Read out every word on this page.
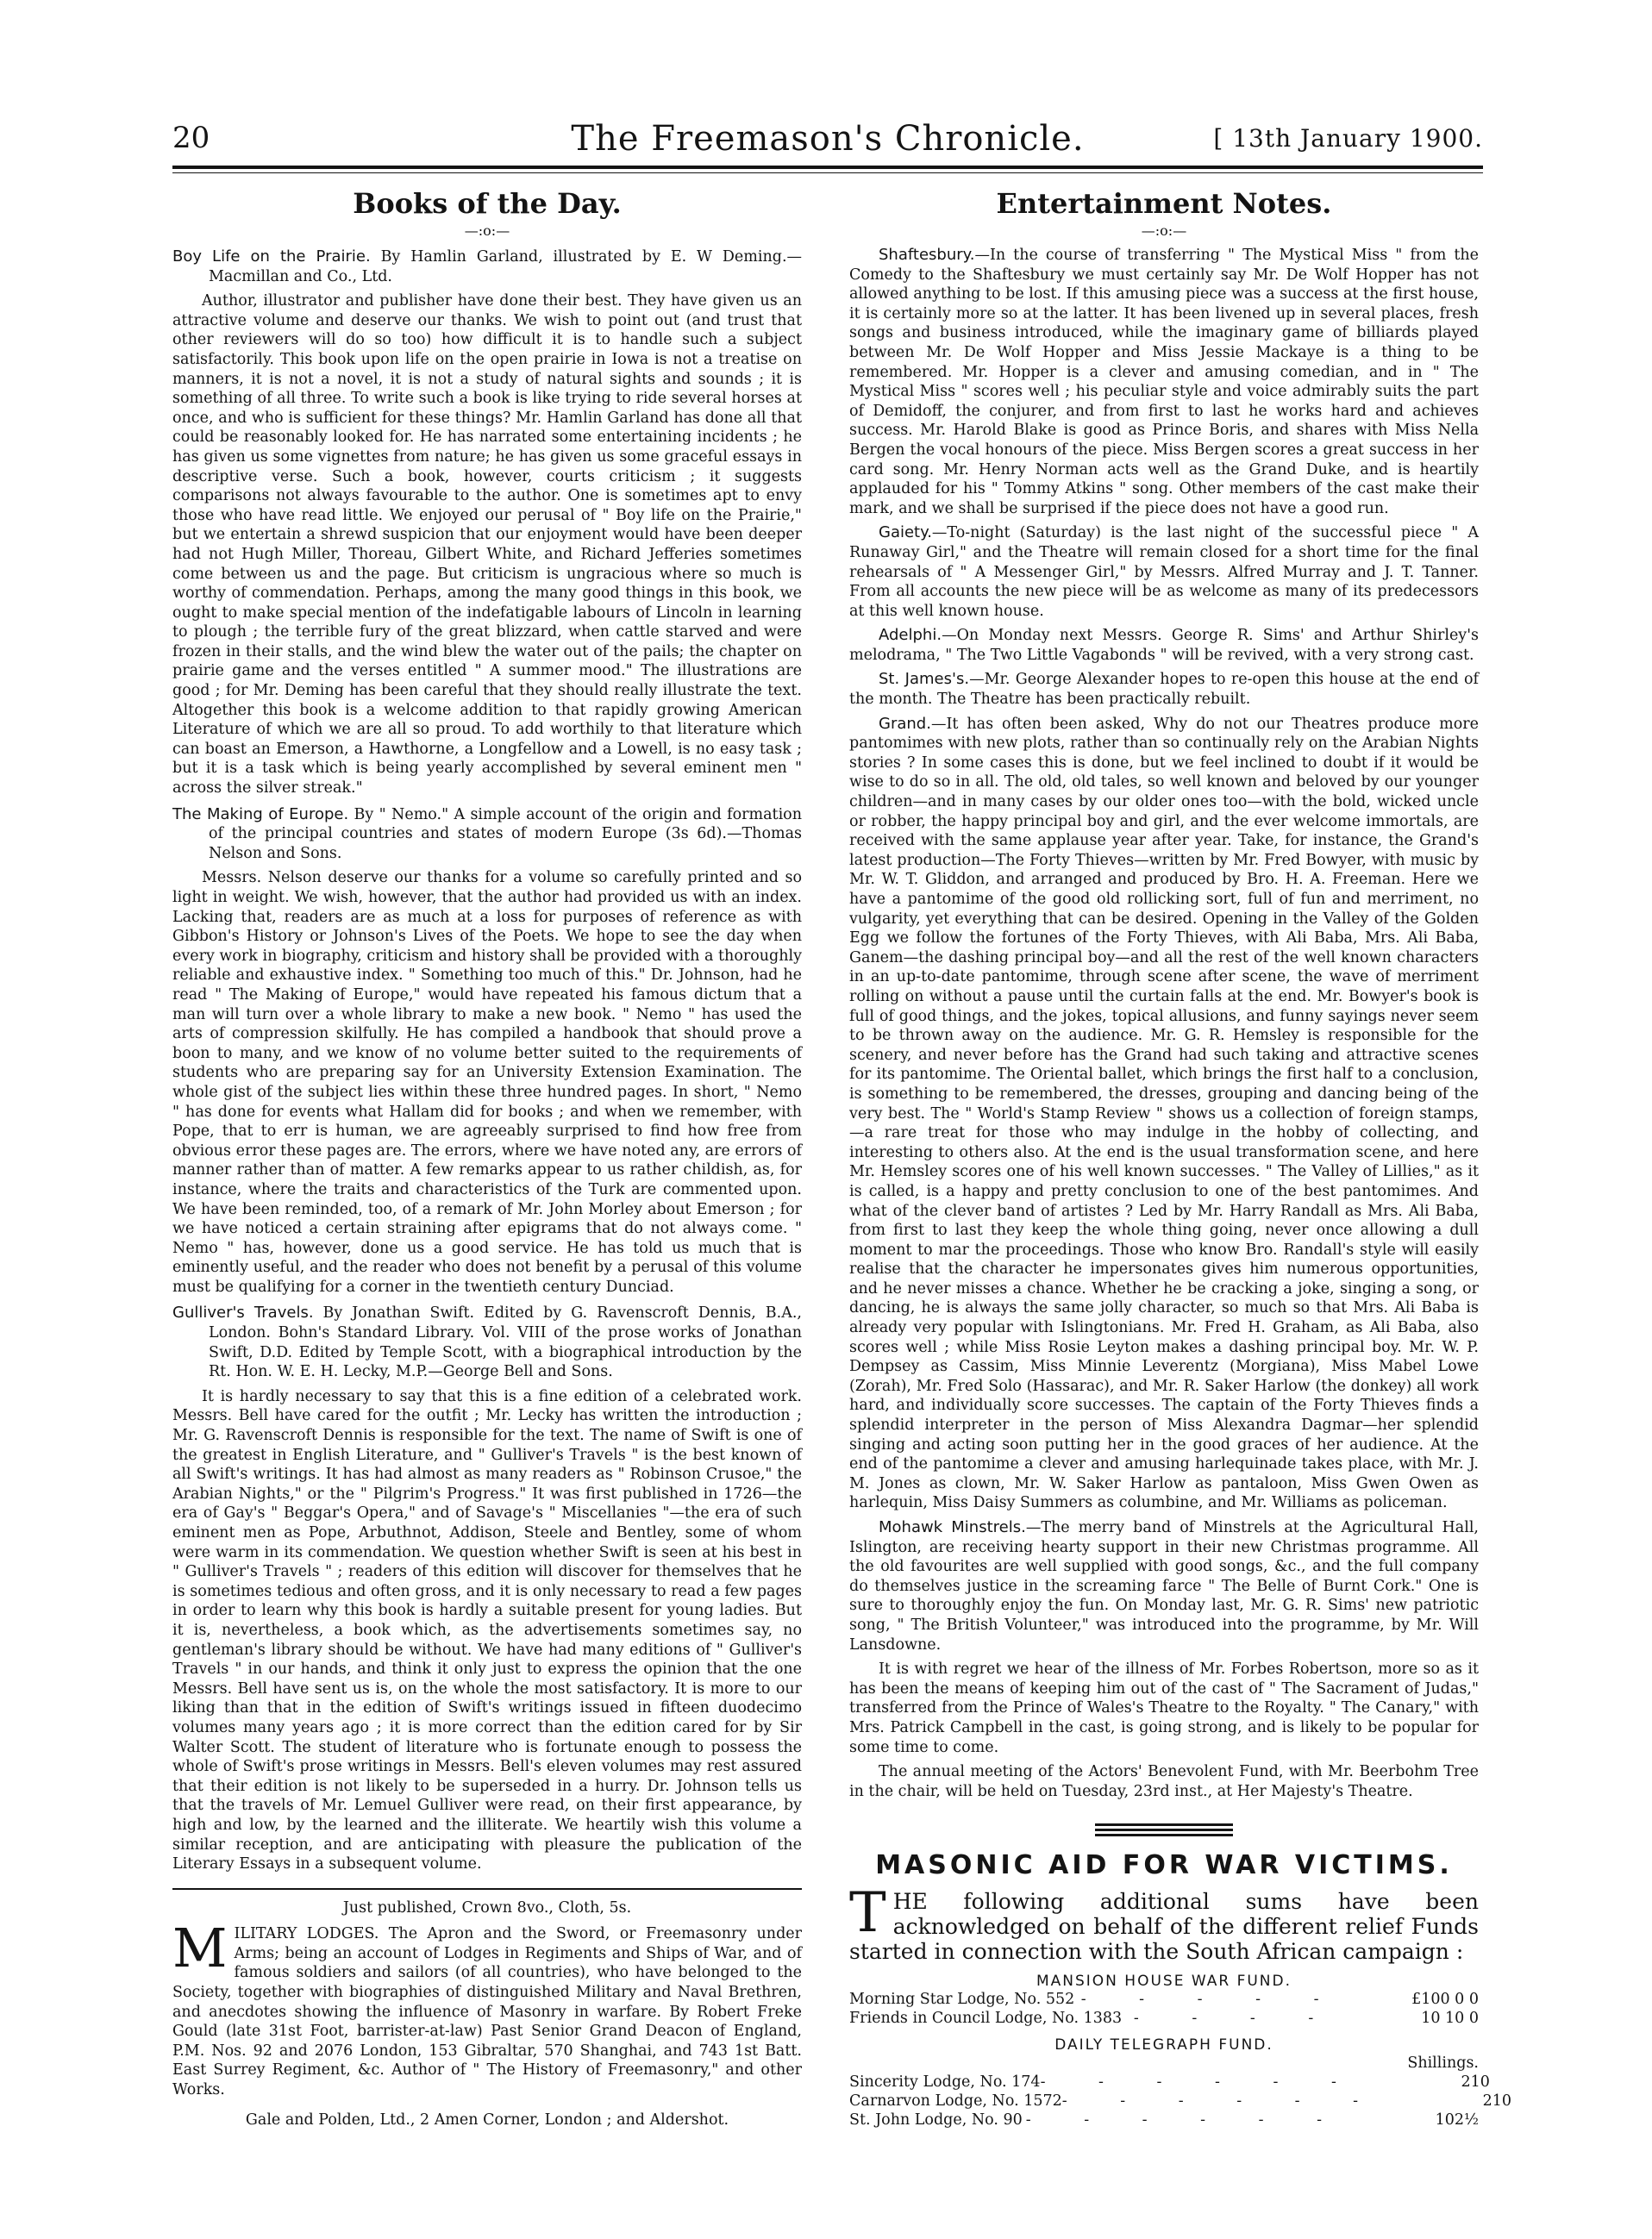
20	The Freemason's Chronicle.	[ 13th January 1900.
Books of the Day.
—:o:—

Boy Life on the Prairie. By Hamlin Garland, illustrated by E. W Deming.—Macmillan and Co., Ltd.

Author, illustrator and publisher have done their best. They have given us an attractive volume and deserve our thanks. We wish to point out (and trust that other reviewers will do so too) how difficult it is to handle such a subject satisfactorily. This book upon life on the open prairie in Iowa is not a treatise on manners, it is not a novel, it is not a study of natural sights and sounds ; it is something of all three. To write such a book is like trying to ride several horses at once, and who is sufficient for these things? Mr. Hamlin Garland has done all that could be reasonably looked for. He has narrated some entertaining incidents ; he has given us some vignettes from nature; he has given us some graceful essays in descriptive verse. Such a book, however, courts criticism ; it suggests comparisons not always favourable to the author. One is sometimes apt to envy those who have read little. We enjoyed our perusal of " Boy life on the Prairie," but we entertain a shrewd suspicion that our enjoyment would have been deeper had not Hugh Miller, Thoreau, Gilbert White, and Richard Jefferies sometimes come between us and the page. But criticism is ungracious where so much is worthy of commendation. Perhaps, among the many good things in this book, we ought to make special mention of the indefatigable labours of Lincoln in learning to plough ; the terrible fury of the great blizzard, when cattle starved and were frozen in their stalls, and the wind blew the water out of the pails; the chapter on prairie game and the verses entitled " A summer mood." The illustrations are good ; for Mr. Deming has been careful that they should really illustrate the text. Altogether this book is a welcome addition to that rapidly growing American Literature of which we are all so proud. To add worthily to that literature which can boast an Emerson, a Hawthorne, a Longfellow and a Lowell, is no easy task ; but it is a task which is being yearly accomplished by several eminent men " across the silver streak."

The Making of Europe. By " Nemo." A simple account of the origin and formation of the principal countries and states of modern Europe (3s 6d).—Thomas Nelson and Sons.

Messrs. Nelson deserve our thanks for a volume so carefully printed and so light in weight. We wish, however, that the author had provided us with an index. Lacking that, readers are as much at a loss for purposes of reference as with Gibbon's History or Johnson's Lives of the Poets. We hope to see the day when every work in biography, criticism and history shall be provided with a thoroughly reliable and exhaustive index. " Something too much of this." Dr. Johnson, had he read " The Making of Europe," would have repeated his famous dictum that a man will turn over a whole library to make a new book. " Nemo " has used the arts of compression skilfully. He has compiled a handbook that should prove a boon to many, and we know of no volume better suited to the requirements of students who are preparing say for an University Extension Examination. The whole gist of the subject lies within these three hundred pages. In short, " Nemo " has done for events what Hallam did for books ; and when we remember, with Pope, that to err is human, we are agreeably surprised to find how free from obvious error these pages are. The errors, where we have noted any, are errors of manner rather than of matter. A few remarks appear to us rather childish, as, for instance, where the traits and characteristics of the Turk are commented upon. We have been reminded, too, of a remark of Mr. John Morley about Emerson ; for we have noticed a certain straining after epigrams that do not always come. " Nemo " has, however, done us a good service. He has told us much that is eminently useful, and the reader who does not benefit by a perusal of this volume must be qualifying for a corner in the twentieth century Dunciad.

Gulliver's Travels. By Jonathan Swift. Edited by G. Ravenscroft Dennis, B.A., London. Bohn's Standard Library. Vol. VIII of the prose works of Jonathan Swift, D.D. Edited by Temple Scott, with a biographical introduction by the Rt. Hon. W. E. H. Lecky, M.P.—George Bell and Sons.

It is hardly necessary to say that this is a fine edition of a celebrated work. Messrs. Bell have cared for the outfit ; Mr. Lecky has written the introduction ; Mr. G. Ravenscroft Dennis is responsible for the text. The name of Swift is one of the greatest in English Literature, and " Gulliver's Travels " is the best known of all Swift's writings. It has had almost as many readers as " Robinson Crusoe," the Arabian Nights," or the " Pilgrim's Progress." It was first published in 1726—the era of Gay's " Beggar's Opera," and of Savage's " Miscellanies "—the era of such eminent men as Pope, Arbuthnot, Addison, Steele and Bentley, some of whom were warm in its commendation. We question whether Swift is seen at his best in " Gulliver's Travels " ; readers of this edition will discover for themselves that he is sometimes tedious and often gross, and it is only necessary to read a few pages in order to learn why this book is hardly a suitable present for young ladies. But it is, nevertheless, a book which, as the advertisements sometimes say, no gentleman's library should be without. We have had many editions of " Gulliver's Travels " in our hands, and think it only just to express the opinion that the one Messrs. Bell have sent us is, on the whole the most satisfactory. It is more to our liking than that in the edition of Swift's writings issued in fifteen duodecimo volumes many years ago ; it is more correct than the edition cared for by Sir Walter Scott. The student of literature who is fortunate enough to possess the whole of Swift's prose writings in Messrs. Bell's eleven volumes may rest assured that their edition is not likely to be superseded in a hurry. Dr. Johnson tells us that the travels of Mr. Lemuel Gulliver were read, on their first appearance, by high and low, by the learned and the illiterate. We heartily wish this volume a similar reception, and are anticipating with pleasure the publication of the Literary Essays in a subsequent volume.

Just published, Crown 8vo., Cloth, 5s.

MILITARY LODGES. The Apron and the Sword, or Freemasonry under Arms; being an account of Lodges in Regiments and Ships of War, and of famous soldiers and sailors (of all countries), who have belonged to the Society, together with biographies of distinguished Military and Naval Brethren, and anecdotes showing the influence of Masonry in warfare. By Robert Freke Gould (late 31st Foot, barrister-at-law) Past Senior Grand Deacon of England, P.M. Nos. 92 and 2076 London, 153 Gibraltar, 570 Shanghai, and 743 1st Batt. East Surrey Regiment, &c. Author of " The History of Freemasonry," and other Works.

Gale and Polden, Ltd., 2 Amen Corner, London ; and Aldershot.

Entertainment Notes.
—:o:—

Shaftesbury.—In the course of transferring " The Mystical Miss " from the Comedy to the Shaftesbury we must certainly say Mr. De Wolf Hopper has not allowed anything to be lost. If this amusing piece was a success at the first house, it is certainly more so at the latter. It has been livened up in several places, fresh songs and business introduced, while the imaginary game of billiards played between Mr. De Wolf Hopper and Miss Jessie Mackaye is a thing to be remembered. Mr. Hopper is a clever and amusing comedian, and in " The Mystical Miss " scores well ; his peculiar style and voice admirably suits the part of Demidoff, the conjurer, and from first to last he works hard and achieves success. Mr. Harold Blake is good as Prince Boris, and shares with Miss Nella Bergen the vocal honours of the piece. Miss Bergen scores a great success in her card song. Mr. Henry Norman acts well as the Grand Duke, and is heartily applauded for his " Tommy Atkins " song. Other members of the cast make their mark, and we shall be surprised if the piece does not have a good run.

Gaiety.—To-night (Saturday) is the last night of the successful piece " A Runaway Girl," and the Theatre will remain closed for a short time for the final rehearsals of " A Messenger Girl," by Messrs. Alfred Murray and J. T. Tanner. From all accounts the new piece will be as welcome as many of its predecessors at this well known house.

Adelphi.—On Monday next Messrs. George R. Sims' and Arthur Shirley's melodrama, " The Two Little Vagabonds " will be revived, with a very strong cast.

St. James's.—Mr. George Alexander hopes to re-open this house at the end of the month. The Theatre has been practically rebuilt.

Grand.—It has often been asked, Why do not our Theatres produce more pantomimes with new plots, rather than so continually rely on the Arabian Nights stories ? In some cases this is done, but we feel inclined to doubt if it would be wise to do so in all. The old, old tales, so well known and beloved by our younger children—and in many cases by our older ones too—with the bold, wicked uncle or robber, the happy principal boy and girl, and the ever welcome immortals, are received with the same applause year after year. Take, for instance, the Grand's latest production—The Forty Thieves—written by Mr. Fred Bowyer, with music by Mr. W. T. Gliddon, and arranged and produced by Bro. H. A. Freeman. Here we have a pantomime of the good old rollicking sort, full of fun and merriment, no vulgarity, yet everything that can be desired. Opening in the Valley of the Golden Egg we follow the fortunes of the Forty Thieves, with Ali Baba, Mrs. Ali Baba, Ganem—the dashing principal boy—and all the rest of the well known characters in an up-to-date pantomime, through scene after scene, the wave of merriment rolling on without a pause until the curtain falls at the end. Mr. Bowyer's book is full of good things, and the jokes, topical allusions, and funny sayings never seem to be thrown away on the audience. Mr. G. R. Hemsley is responsible for the scenery, and never before has the Grand had such taking and attractive scenes for its pantomime. The Oriental ballet, which brings the first half to a conclusion, is something to be remembered, the dresses, grouping and dancing being of the very best. The " World's Stamp Review " shows us a collection of foreign stamps, —a rare treat for those who may indulge in the hobby of collecting, and interesting to others also. At the end is the usual transformation scene, and here Mr. Hemsley scores one of his well known successes. " The Valley of Lillies," as it is called, is a happy and pretty conclusion to one of the best pantomimes. And what of the clever band of artistes ? Led by Mr. Harry Randall as Mrs. Ali Baba, from first to last they keep the whole thing going, never once allowing a dull moment to mar the proceedings. Those who know Bro. Randall's style will easily realise that the character he impersonates gives him numerous opportunities, and he never misses a chance. Whether he be cracking a joke, singing a song, or dancing, he is always the same jolly character, so much so that Mrs. Ali Baba is already very popular with Islingtonians. Mr. Fred H. Graham, as Ali Baba, also scores well ; while Miss Rosie Leyton makes a dashing principal boy. Mr. W. P. Dempsey as Cassim, Miss Minnie Leverentz (Morgiana), Miss Mabel Lowe (Zorah), Mr. Fred Solo (Hassarac), and Mr. R. Saker Harlow (the donkey) all work hard, and individually score successes. The captain of the Forty Thieves finds a splendid interpreter in the person of Miss Alexandra Dagmar—her splendid singing and acting soon putting her in the good graces of her audience. At the end of the pantomime a clever and amusing harlequinade takes place, with Mr. J. M. Jones as clown, Mr. W. Saker Harlow as pantaloon, Miss Gwen Owen as harlequin, Miss Daisy Summers as columbine, and Mr. Williams as policeman.

Mohawk Minstrels.—The merry band of Minstrels at the Agricultural Hall, Islington, are receiving hearty support in their new Christmas programme. All the old favourites are well supplied with good songs, &c., and the full company do themselves justice in the screaming farce " The Belle of Burnt Cork." One is sure to thoroughly enjoy the fun. On Monday last, Mr. G. R. Sims' new patriotic song, " The British Volunteer," was introduced into the programme, by Mr. Will Lansdowne.

It is with regret we hear of the illness of Mr. Forbes Robertson, more so as it has been the means of keeping him out of the cast of " The Sacrament of Judas," transferred from the Prince of Wales's Theatre to the Royalty. " The Canary," with Mrs. Patrick Campbell in the cast, is going strong, and is likely to be popular for some time to come.

The annual meeting of the Actors' Benevolent Fund, with Mr. Beerbohm Tree in the chair, will be held on Tuesday, 23rd inst., at Her Majesty's Theatre.

MASONIC AID FOR WAR VICTIMS.

THE following additional sums have been acknowledged on behalf of the different relief Funds started in connection with the South African campaign :

MANSION HOUSE WAR FUND.
Morning Star Lodge, No. 552 - - - - -	£100 0 0
Friends in Council Lodge, No. 1383 - - - -	10 10 0
DAILY TELEGRAPH FUND.
Shillings.
Sincerity Lodge, No. 174 - - - - - -	210
Carnarvon Lodge, No. 1572 - - - - - -	210
St. John Lodge, No. 90 - - - - - -	102½
